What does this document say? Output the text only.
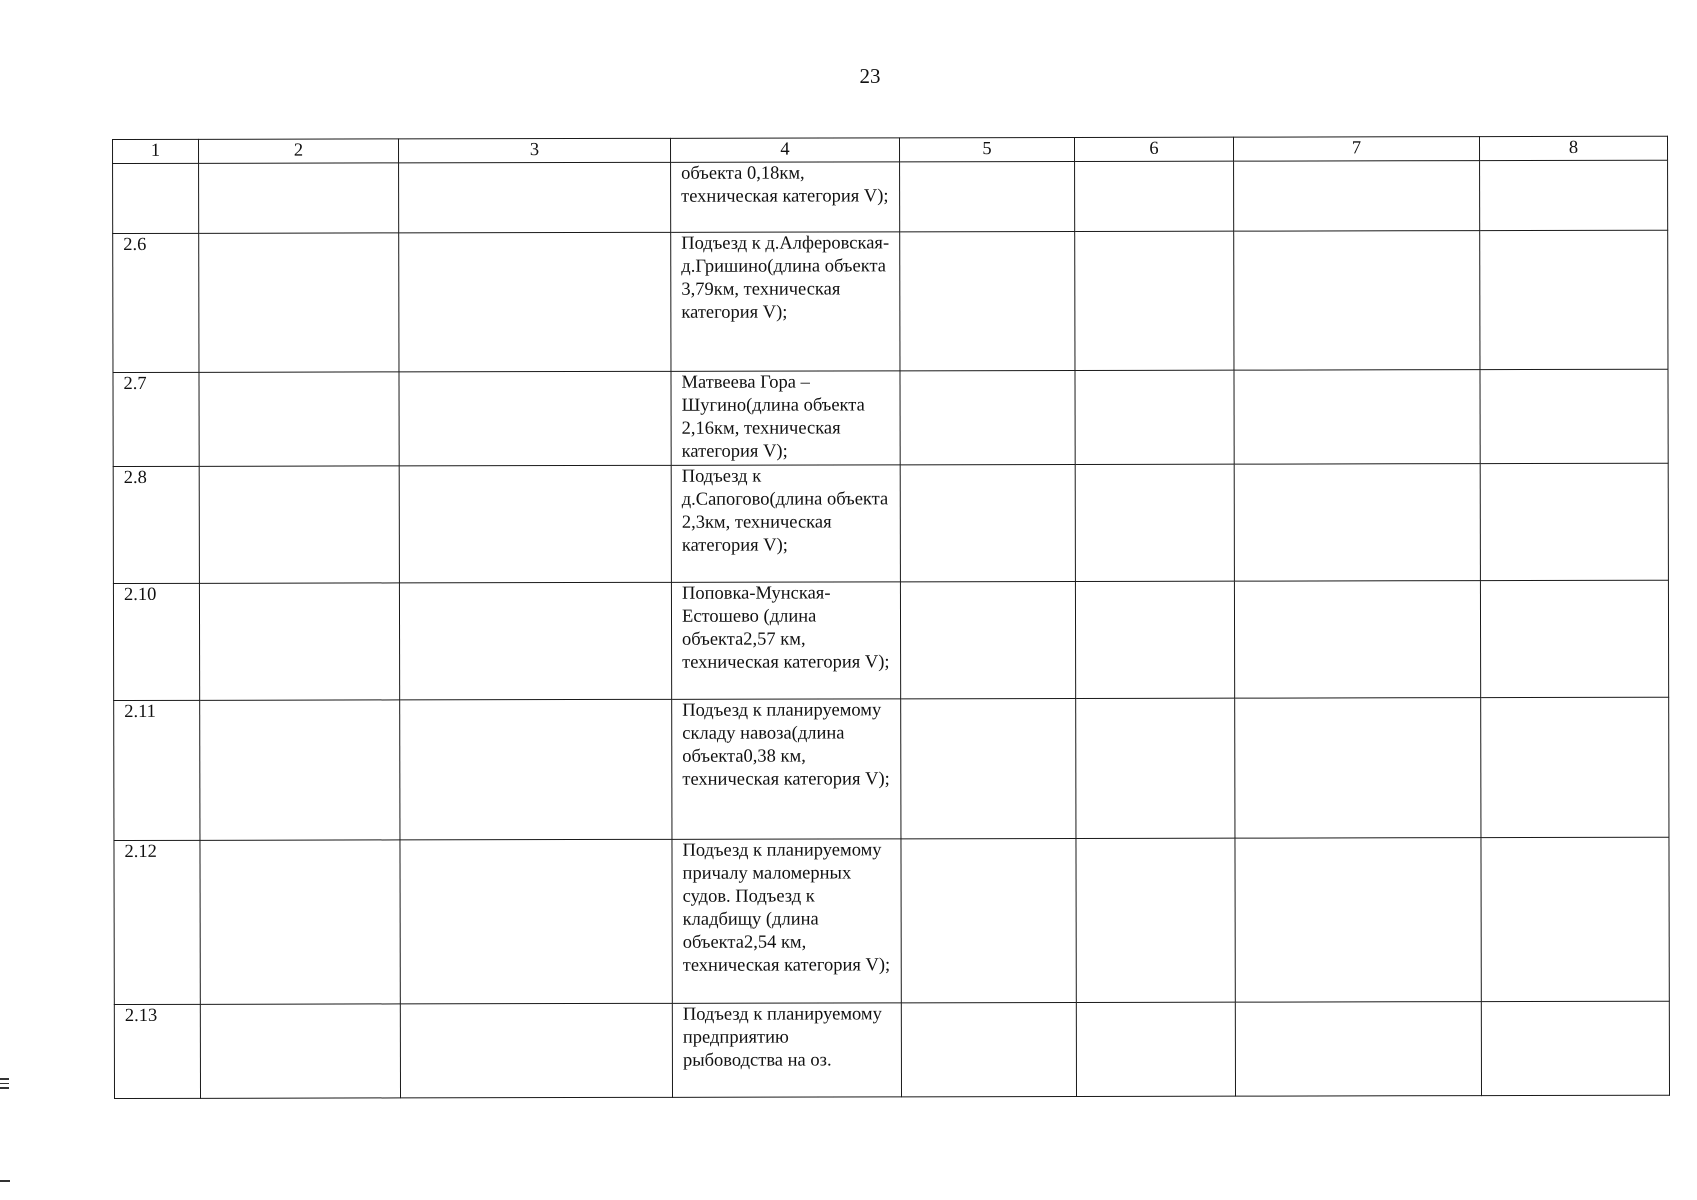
23
1	2	3	4	5	6	7	8
			объекта 0,18км, техническая категория V);				
2.6			Подъезд к д.Алферовская-д.Гришино(длина объекта 3,79км, техническая категория V);				
2.7			Матвеева Гора – Шугино(длина объекта 2,16км, техническая категория V);				
2.8			Подъезд к д.Сапогово(длина объекта 2,3км, техническая категория V);				
2.10			Поповка-Мунская-Естошево (длина объекта2,57 км, техническая категория V);				
2.11			Подъезд к планируемому складу навоза(длина объекта0,38 км, техническая категория V);				
2.12			Подъезд к планируемому причалу маломерных судов. Подъезд к кладбищу (длина объекта2,54 км, техническая категория V);				
2.13			Подъезд к планируемому предприятию рыбоводства на оз.				
